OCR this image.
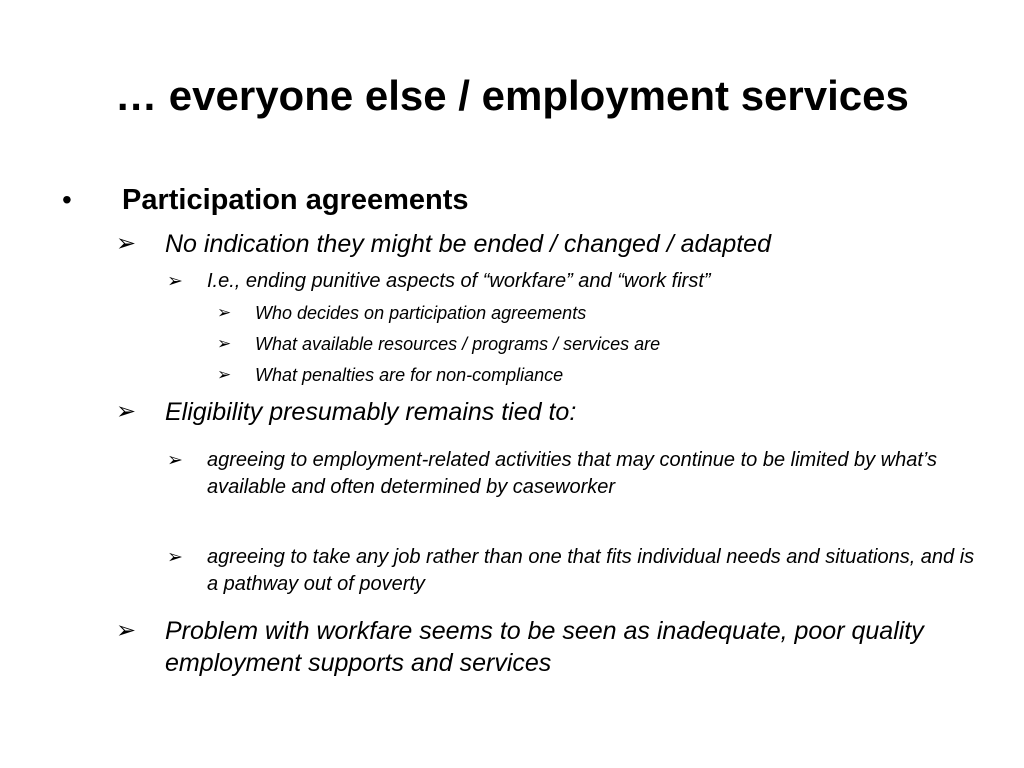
… everyone else / employment services
•	Participation agreements
➢	No indication they might be ended / changed / adapted
➢	I.e., ending punitive aspects of “workfare” and “work first”
➢	Who decides on participation agreements
➢	What available resources / programs / services are
➢	What penalties are for non-compliance
➢	Eligibility presumably remains tied to:
➢	agreeing to employment-related activities that may continue to be limited by what’s available and often determined by caseworker
➢	agreeing to take any job rather than one that fits individual needs and situations, and is a pathway out of poverty
➢	Problem with workfare seems to be seen as inadequate, poor quality employment supports and services
